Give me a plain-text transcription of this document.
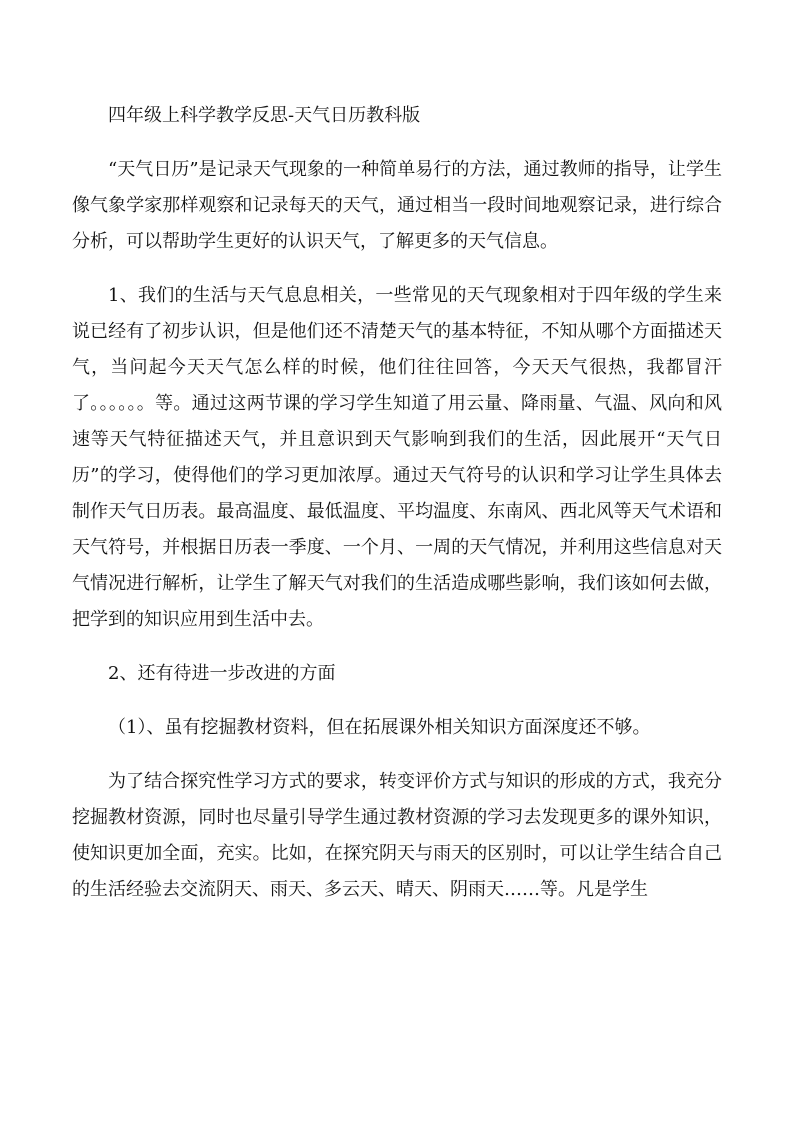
四年级上科学教学反思-天气日历教科版

“天气日历”是记录天气现象的一种简单易行的方法，通过教师的指导，让学生像气象学家那样观察和记录每天的天气，通过相当一段时间地观察记录，进行综合分析，可以帮助学生更好的认识天气，了解更多的天气信息。

1、我们的生活与天气息息相关，一些常见的天气现象相对于四年级的学生来说已经有了初步认识，但是他们还不清楚天气的基本特征，不知从哪个方面描述天气，当问起今天天气怎么样的时候，他们往往回答，今天天气很热，我都冒汗了。。。。。。等。通过这两节课的学习学生知道了用云量、降雨量、气温、风向和风速等天气特征描述天气，并且意识到天气影响到我们的生活，因此展开“天气日历”的学习，使得他们的学习更加浓厚。通过天气符号的认识和学习让学生具体去制作天气日历表。最高温度、最低温度、平均温度、东南风、西北风等天气术语和天气符号，并根据日历表一季度、一个月、一周的天气情况，并利用这些信息对天气情况进行解析，让学生了解天气对我们的生活造成哪些影响，我们该如何去做，把学到的知识应用到生活中去。

2、还有待进一步改进的方面

（1）、虽有挖掘教材资料，但在拓展课外相关知识方面深度还不够。

为了结合探究性学习方式的要求，转变评价方式与知识的形成的方式，我充分挖掘教材资源，同时也尽量引导学生通过教材资源的学习去发现更多的课外知识，使知识更加全面，充实。比如，在探究阴天与雨天的区别时，可以让学生结合自己的生活经验去交流阴天、雨天、多云天、晴天、阴雨天……等。凡是学生
